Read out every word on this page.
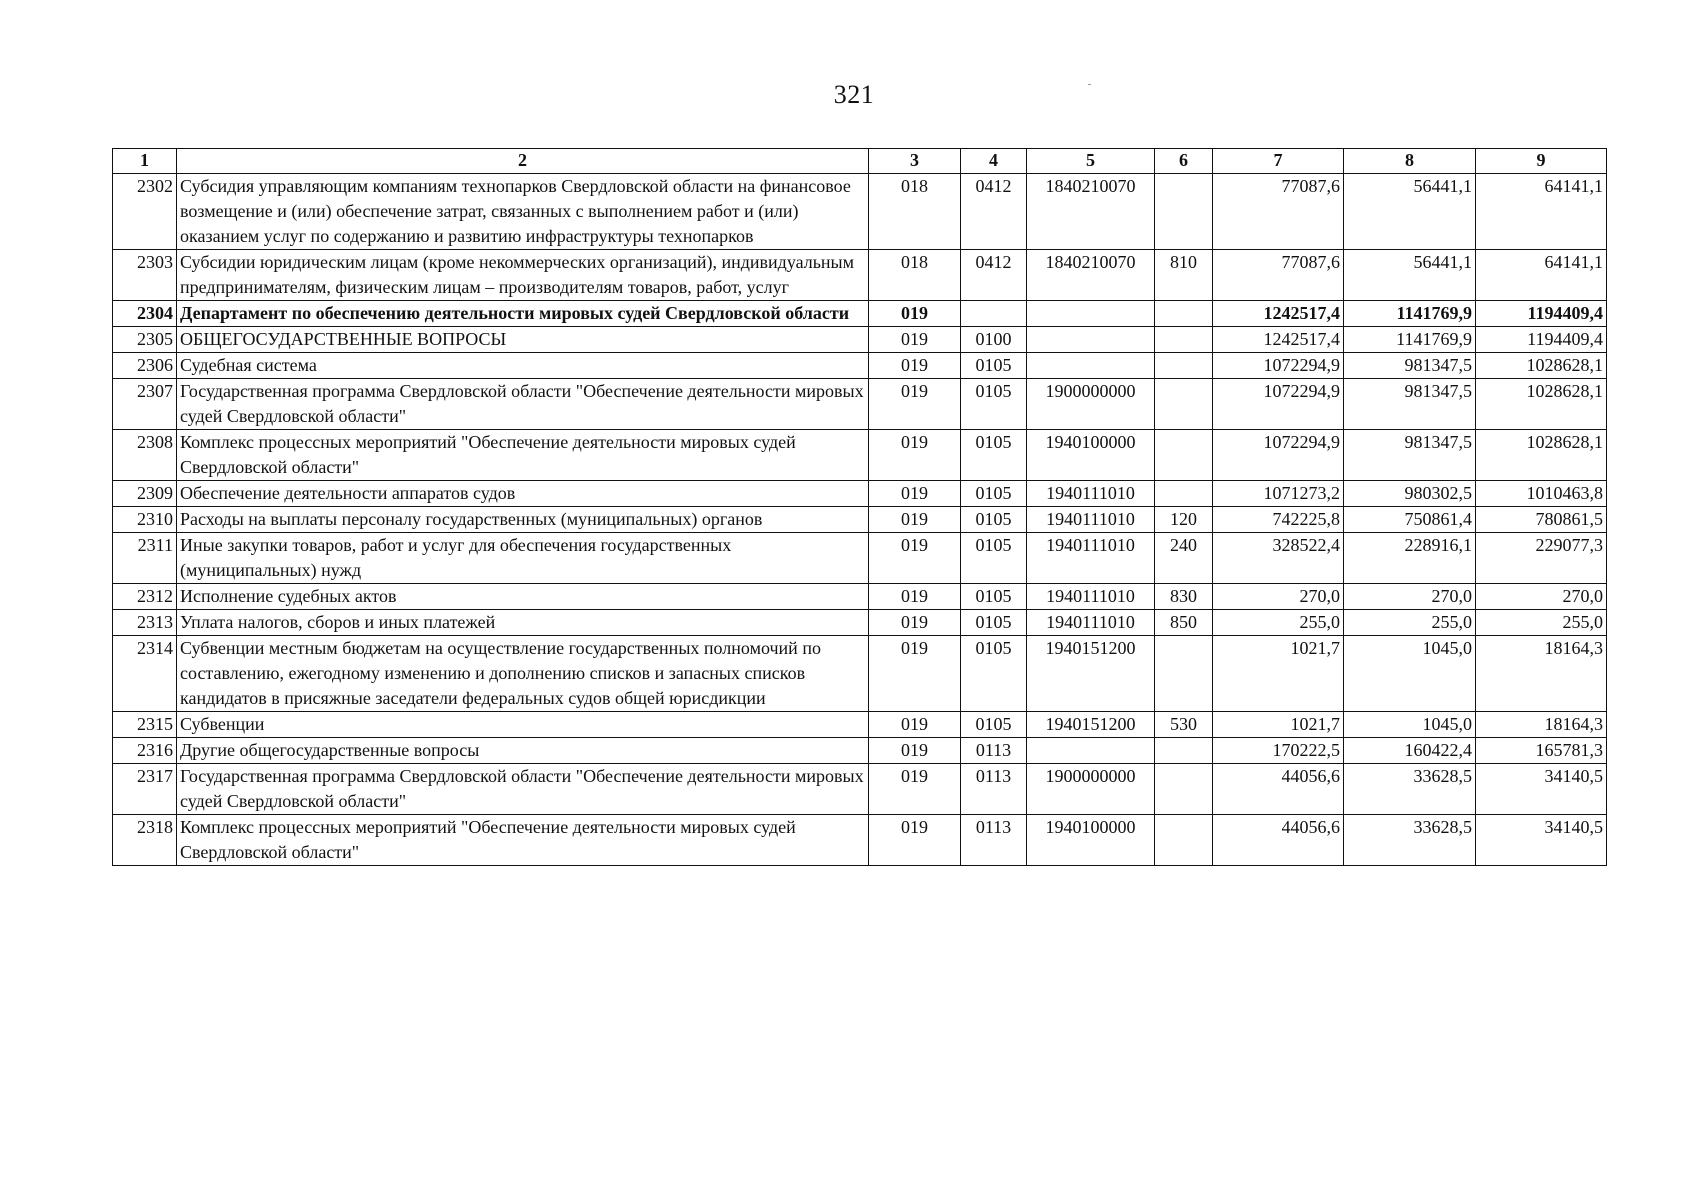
321
1	2	3	4	5	6	7	8	9
2302	Субсидия управляющим компаниям технопарков Свердловской области на финансовое возмещение и (или) обеспечение затрат, связанных с выполнением работ и (или) оказанием услуг по содержанию и развитию инфраструктуры технопарков	018	0412	1840210070		77087,6	56441,1	64141,1
2303	Субсидии юридическим лицам (кроме некоммерческих организаций), индивидуальным предпринимателям, физическим лицам – производителям товаров, работ, услуг	018	0412	1840210070	810	77087,6	56441,1	64141,1
2304	Департамент по обеспечению деятельности мировых судей Свердловской области	019				1242517,4	1141769,9	1194409,4
2305	ОБЩЕГОСУДАРСТВЕННЫЕ ВОПРОСЫ	019	0100			1242517,4	1141769,9	1194409,4
2306	Судебная система	019	0105			1072294,9	981347,5	1028628,1
2307	Государственная программа Свердловской области "Обеспечение деятельности мировых судей Свердловской области"	019	0105	1900000000		1072294,9	981347,5	1028628,1
2308	Комплекс процессных мероприятий "Обеспечение деятельности мировых судей Свердловской области"	019	0105	1940100000		1072294,9	981347,5	1028628,1
2309	Обеспечение деятельности аппаратов судов	019	0105	1940111010		1071273,2	980302,5	1010463,8
2310	Расходы на выплаты персоналу государственных (муниципальных) органов	019	0105	1940111010	120	742225,8	750861,4	780861,5
2311	Иные закупки товаров, работ и услуг для обеспечения государственных (муниципальных) нужд	019	0105	1940111010	240	328522,4	228916,1	229077,3
2312	Исполнение судебных актов	019	0105	1940111010	830	270,0	270,0	270,0
2313	Уплата налогов, сборов и иных платежей	019	0105	1940111010	850	255,0	255,0	255,0
2314	Субвенции местным бюджетам на осуществление государственных полномочий по составлению, ежегодному изменению и дополнению списков и запасных списков кандидатов в присяжные заседатели федеральных судов общей юрисдикции	019	0105	1940151200		1021,7	1045,0	18164,3
2315	Субвенции	019	0105	1940151200	530	1021,7	1045,0	18164,3
2316	Другие общегосударственные вопросы	019	0113			170222,5	160422,4	165781,3
2317	Государственная программа Свердловской области "Обеспечение деятельности мировых судей Свердловской области"	019	0113	1900000000		44056,6	33628,5	34140,5
2318	Комплекс процессных мероприятий "Обеспечение деятельности мировых судей Свердловской области"	019	0113	1940100000		44056,6	33628,5	34140,5
